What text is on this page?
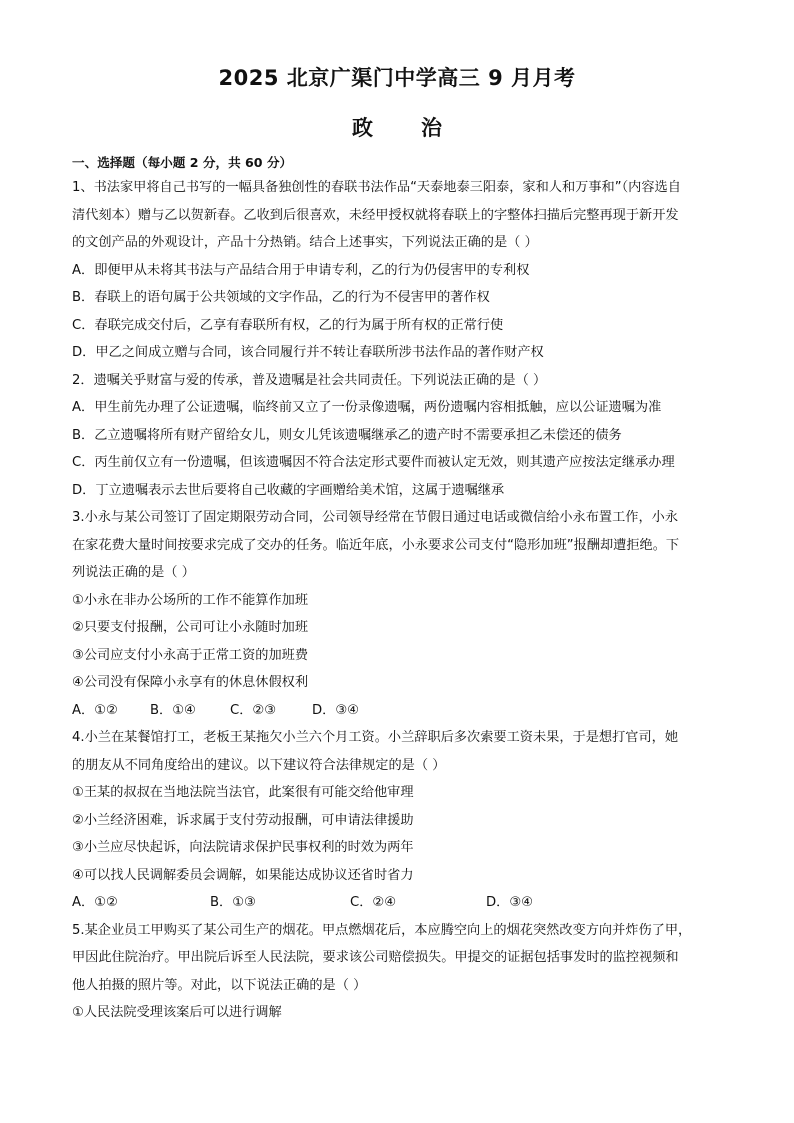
2025 北京广渠门中学高三 9 月月考
政 治
一、选择题（每小题 2 分，共 60 分）
1、书法家甲将自己书写的一幅具备独创性的春联书法作品“天泰地泰三阳泰，家和人和万事和”（内容选自
清代刻本）赠与乙以贺新春。乙收到后很喜欢，未经甲授权就将春联上的字整体扫描后完整再现于新开发
的文创产品的外观设计，产品十分热销。结合上述事实，下列说法正确的是（ ）
A．即便甲从未将其书法与产品结合用于申请专利，乙的行为仍侵害甲的专利权
B．春联上的语句属于公共领域的文字作品，乙的行为不侵害甲的著作权
C．春联完成交付后，乙享有春联所有权，乙的行为属于所有权的正常行使
D．甲乙之间成立赠与合同，该合同履行并不转让春联所涉书法作品的著作财产权
2．遗嘱关乎财富与爱的传承，普及遗嘱是社会共同责任。下列说法正确的是（ ）
A．甲生前先办理了公证遗嘱，临终前又立了一份录像遗嘱，两份遗嘱内容相抵触，应以公证遗嘱为准
B．乙立遗嘱将所有财产留给女儿，则女儿凭该遗嘱继承乙的遗产时不需要承担乙未偿还的债务
C．丙生前仅立有一份遗嘱，但该遗嘱因不符合法定形式要件而被认定无效，则其遗产应按法定继承办理
D．丁立遗嘱表示去世后要将自己收藏的字画赠给美术馆，这属于遗嘱继承
3.小永与某公司签订了固定期限劳动合同，公司领导经常在节假日通过电话或微信给小永布置工作，小永
在家花费大量时间按要求完成了交办的任务。临近年底，小永要求公司支付“隐形加班”报酬却遭拒绝。下
列说法正确的是（ ）
①小永在非办公场所的工作不能算作加班
②只要支付报酬，公司可让小永随时加班
③公司应支付小永高于正常工资的加班费
④公司没有保障小永享有的休息休假权利
A．①②	B．①④	C．②③	D．③④
4.小兰在某餐馆打工，老板王某拖欠小兰六个月工资。小兰辞职后多次索要工资未果，于是想打官司，她
的朋友从不同角度给出的建议。以下建议符合法律规定的是（ ）
①王某的叔叔在当地法院当法官，此案很有可能交给他审理
②小兰经济困难，诉求属于支付劳动报酬，可申请法律援助
③小兰应尽快起诉，向法院请求保护民事权利的时效为两年
④可以找人民调解委员会调解，如果能达成协议还省时省力
A．①②	B．①③	C．②④	D．③④
5.某企业员工甲购买了某公司生产的烟花。甲点燃烟花后，本应腾空向上的烟花突然改变方向并炸伤了甲，
甲因此住院治疗。甲出院后诉至人民法院，要求该公司赔偿损失。甲提交的证据包括事发时的监控视频和
他人拍摄的照片等。对此，以下说法正确的是（ ）
①人民法院受理该案后可以进行调解
